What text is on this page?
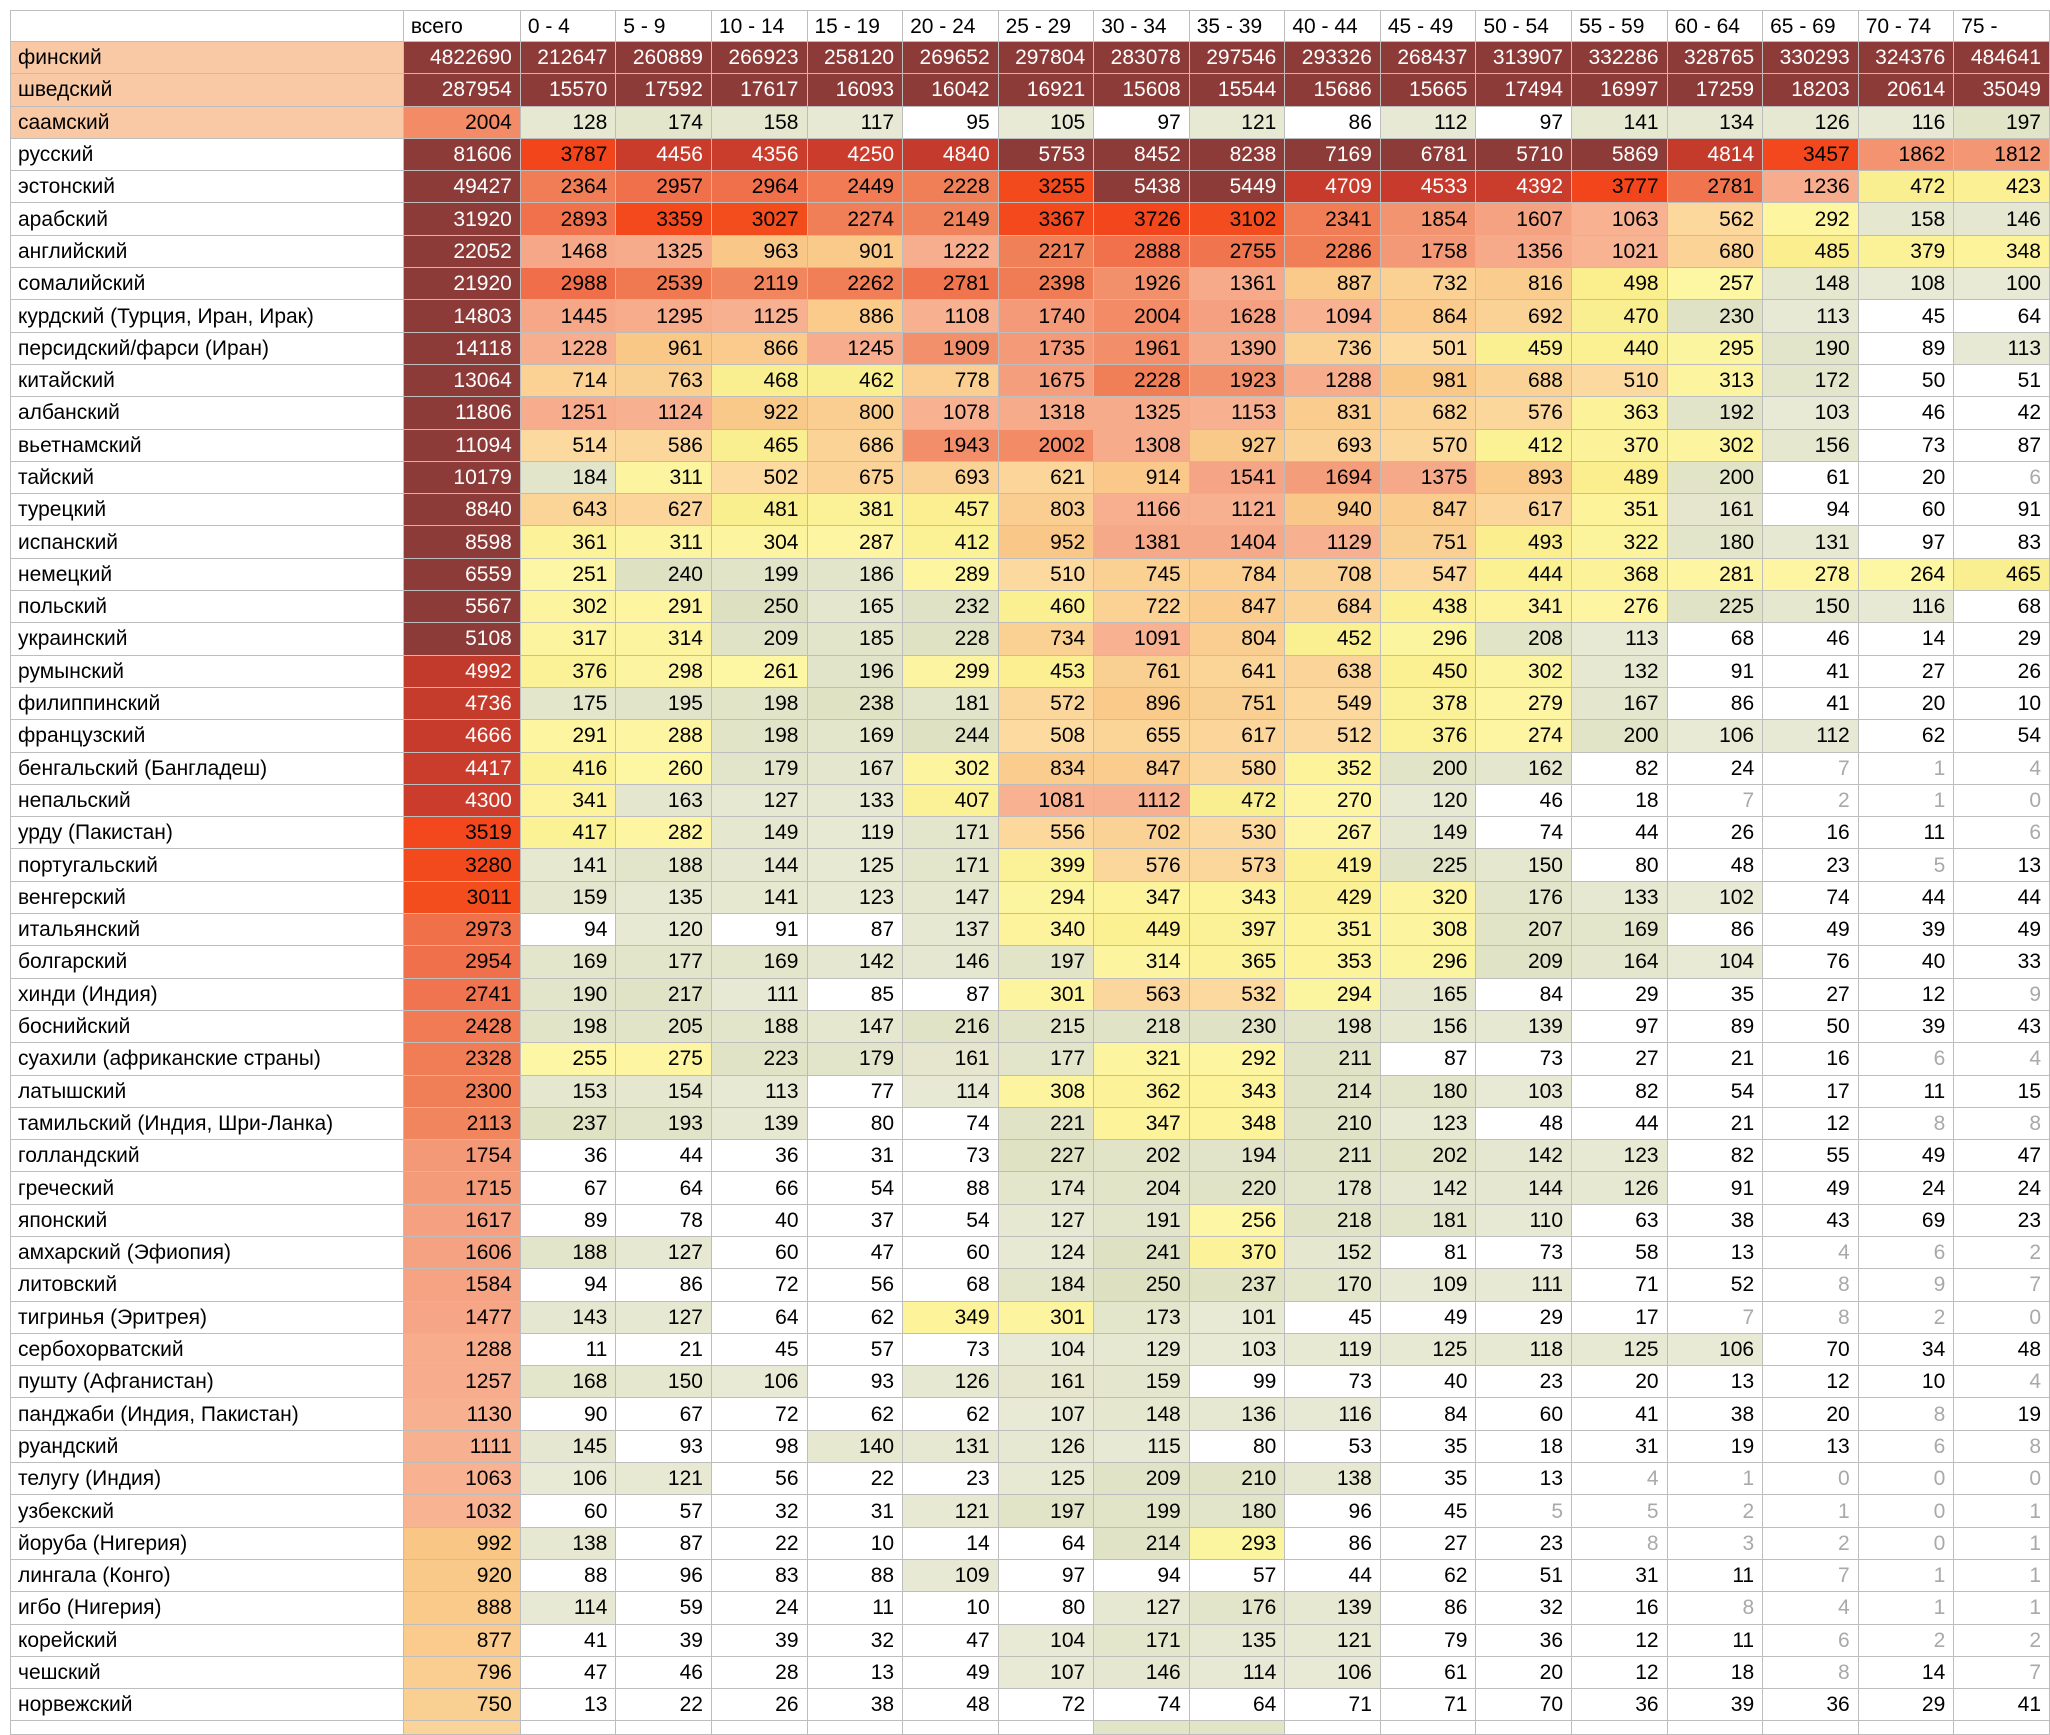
	всего	0 - 4	5 - 9	10 - 14	15 - 19	20 - 24	25 - 29	30 - 34	35 - 39	40 - 44	45 - 49	50 - 54	55 - 59	60 - 64	65 - 69	70 - 74	75 -
финский	4822690	212647	260889	266923	258120	269652	297804	283078	297546	293326	268437	313907	332286	328765	330293	324376	484641
шведский	287954	15570	17592	17617	16093	16042	16921	15608	15544	15686	15665	17494	16997	17259	18203	20614	35049
саамский	2004	128	174	158	117	95	105	97	121	86	112	97	141	134	126	116	197
русский	81606	3787	4456	4356	4250	4840	5753	8452	8238	7169	6781	5710	5869	4814	3457	1862	1812
эстонский	49427	2364	2957	2964	2449	2228	3255	5438	5449	4709	4533	4392	3777	2781	1236	472	423
арабский	31920	2893	3359	3027	2274	2149	3367	3726	3102	2341	1854	1607	1063	562	292	158	146
английский	22052	1468	1325	963	901	1222	2217	2888	2755	2286	1758	1356	1021	680	485	379	348
сомалийский	21920	2988	2539	2119	2262	2781	2398	1926	1361	887	732	816	498	257	148	108	100
курдский (Турция, Иран, Ирак)	14803	1445	1295	1125	886	1108	1740	2004	1628	1094	864	692	470	230	113	45	64
персидский/фарси (Иран)	14118	1228	961	866	1245	1909	1735	1961	1390	736	501	459	440	295	190	89	113
китайский	13064	714	763	468	462	778	1675	2228	1923	1288	981	688	510	313	172	50	51
албанский	11806	1251	1124	922	800	1078	1318	1325	1153	831	682	576	363	192	103	46	42
вьетнамский	11094	514	586	465	686	1943	2002	1308	927	693	570	412	370	302	156	73	87
тайский	10179	184	311	502	675	693	621	914	1541	1694	1375	893	489	200	61	20	6
турецкий	8840	643	627	481	381	457	803	1166	1121	940	847	617	351	161	94	60	91
испанский	8598	361	311	304	287	412	952	1381	1404	1129	751	493	322	180	131	97	83
немецкий	6559	251	240	199	186	289	510	745	784	708	547	444	368	281	278	264	465
польский	5567	302	291	250	165	232	460	722	847	684	438	341	276	225	150	116	68
украинский	5108	317	314	209	185	228	734	1091	804	452	296	208	113	68	46	14	29
румынский	4992	376	298	261	196	299	453	761	641	638	450	302	132	91	41	27	26
филиппинский	4736	175	195	198	238	181	572	896	751	549	378	279	167	86	41	20	10
французский	4666	291	288	198	169	244	508	655	617	512	376	274	200	106	112	62	54
бенгальский (Бангладеш)	4417	416	260	179	167	302	834	847	580	352	200	162	82	24	7	1	4
непальский	4300	341	163	127	133	407	1081	1112	472	270	120	46	18	7	2	1	0
урду (Пакистан)	3519	417	282	149	119	171	556	702	530	267	149	74	44	26	16	11	6
португальский	3280	141	188	144	125	171	399	576	573	419	225	150	80	48	23	5	13
венгерский	3011	159	135	141	123	147	294	347	343	429	320	176	133	102	74	44	44
итальянский	2973	94	120	91	87	137	340	449	397	351	308	207	169	86	49	39	49
болгарский	2954	169	177	169	142	146	197	314	365	353	296	209	164	104	76	40	33
хинди (Индия)	2741	190	217	111	85	87	301	563	532	294	165	84	29	35	27	12	9
боснийский	2428	198	205	188	147	216	215	218	230	198	156	139	97	89	50	39	43
суахили (африканские страны)	2328	255	275	223	179	161	177	321	292	211	87	73	27	21	16	6	4
латышский	2300	153	154	113	77	114	308	362	343	214	180	103	82	54	17	11	15
тамильский (Индия, Шри-Ланка)	2113	237	193	139	80	74	221	347	348	210	123	48	44	21	12	8	8
голландский	1754	36	44	36	31	73	227	202	194	211	202	142	123	82	55	49	47
греческий	1715	67	64	66	54	88	174	204	220	178	142	144	126	91	49	24	24
японский	1617	89	78	40	37	54	127	191	256	218	181	110	63	38	43	69	23
амхарский (Эфиопия)	1606	188	127	60	47	60	124	241	370	152	81	73	58	13	4	6	2
литовский	1584	94	86	72	56	68	184	250	237	170	109	111	71	52	8	9	7
тигринья (Эритрея)	1477	143	127	64	62	349	301	173	101	45	49	29	17	7	8	2	0
сербохорватский	1288	11	21	45	57	73	104	129	103	119	125	118	125	106	70	34	48
пушту (Афганистан)	1257	168	150	106	93	126	161	159	99	73	40	23	20	13	12	10	4
панджаби (Индия, Пакистан)	1130	90	67	72	62	62	107	148	136	116	84	60	41	38	20	8	19
руандский	1111	145	93	98	140	131	126	115	80	53	35	18	31	19	13	6	8
телугу (Индия)	1063	106	121	56	22	23	125	209	210	138	35	13	4	1	0	0	0
узбекский	1032	60	57	32	31	121	197	199	180	96	45	5	5	2	1	0	1
йоруба (Нигерия)	992	138	87	22	10	14	64	214	293	86	27	23	8	3	2	0	1
лингала (Конго)	920	88	96	83	88	109	97	94	57	44	62	51	31	11	7	1	1
игбо (Нигерия)	888	114	59	24	11	10	80	127	176	139	86	32	16	8	4	1	1
корейский	877	41	39	39	32	47	104	171	135	121	79	36	12	11	6	2	2
чешский	796	47	46	28	13	49	107	146	114	106	61	20	12	18	8	14	7
норвежский	750	13	22	26	38	48	72	74	64	71	71	70	36	39	36	29	41
